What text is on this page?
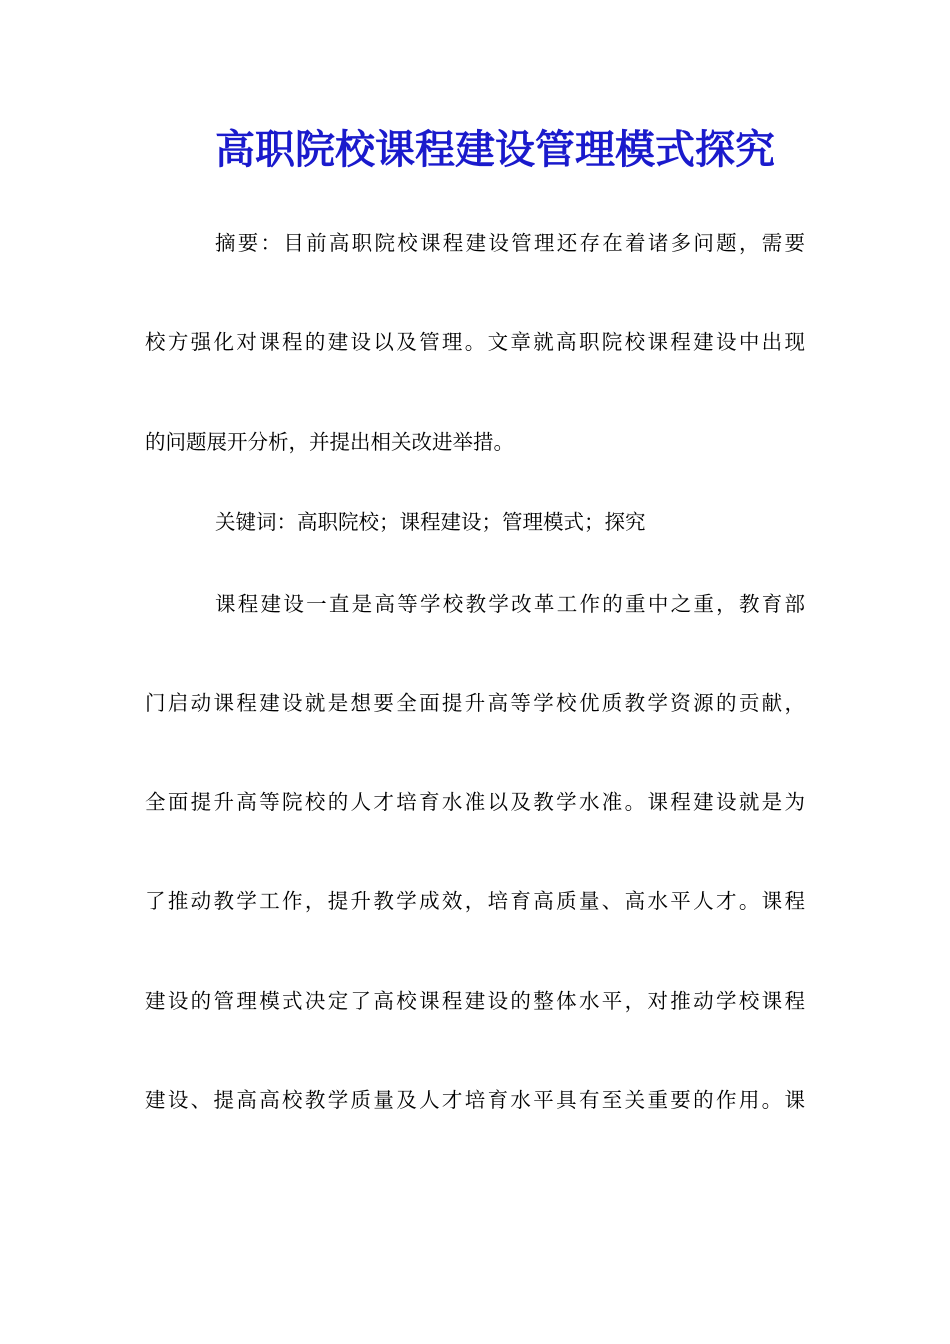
高职院校课程建设管理模式探究
摘要：目前高职院校课程建设管理还存在着诸多问题，需要
校方强化对课程的建设以及管理。文章就高职院校课程建设中出现
的问题展开分析，并提出相关改进举措。
关键词：高职院校；课程建设；管理模式；探究
课程建设一直是高等学校教学改革工作的重中之重，教育部
门启动课程建设就是想要全面提升高等学校优质教学资源的贡献，
全面提升高等院校的人才培育水准以及教学水准。课程建设就是为
了推动教学工作，提升教学成效，培育高质量、高水平人才。课程
建设的管理模式决定了高校课程建设的整体水平，对推动学校课程
建设、提高高校教学质量及人才培育水平具有至关重要的作用。课
